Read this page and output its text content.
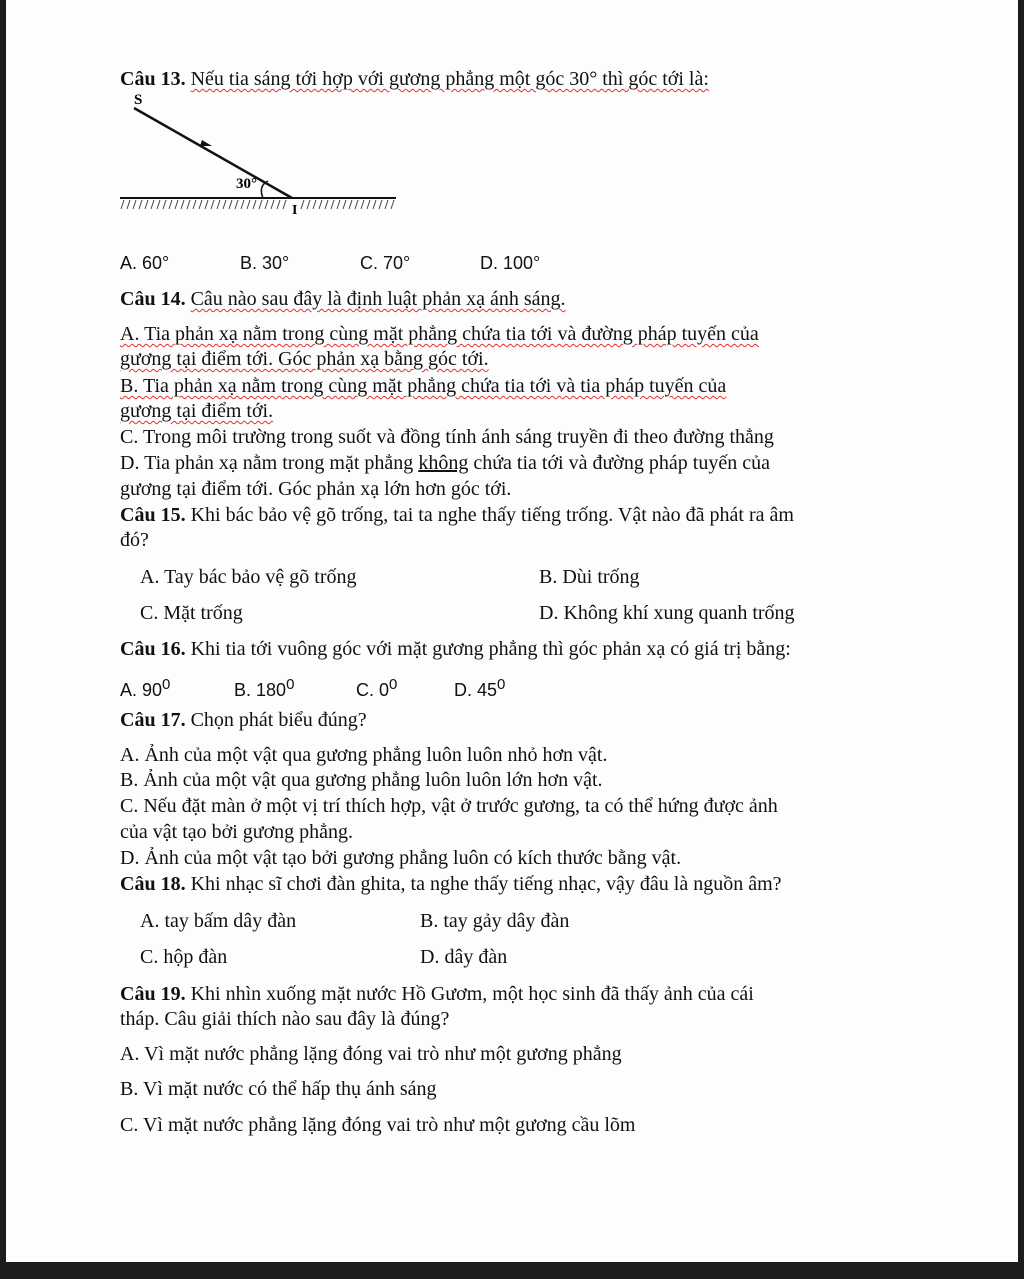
Câu 13. Nếu tia sáng tới hợp với gương phẳng một góc 30° thì góc tới là:
S
30°
I
A. 60°	B. 30°	C. 70°	D. 100°
Câu 14. Câu nào sau đây là định luật phản xạ ánh sáng.
A. Tia phản xạ nằm trong cùng mặt phẳng chứa tia tới và đường pháp tuyến của
gương tại điểm tới. Góc phản xạ bằng góc tới.
B. Tia phản xạ nằm trong cùng mặt phẳng chứa tia tới và tia pháp tuyến của
gương tại điểm tới.
C. Trong môi trường trong suốt và đồng tính ánh sáng truyền đi theo đường thẳng
D. Tia phản xạ nằm trong mặt phẳng không chứa tia tới và đường pháp tuyến của
gương tại điểm tới. Góc phản xạ lớn hơn góc tới.
Câu 15. Khi bác bảo vệ gõ trống, tai ta nghe thấy tiếng trống. Vật nào đã phát ra âm
đó?
A. Tay bác bảo vệ gõ trống	B. Dùi trống
C. Mặt trống	D. Không khí xung quanh trống
Câu 16. Khi tia tới vuông góc với mặt gương phẳng thì góc phản xạ có giá trị bằng:
A. $90^0$	B. $180^0$	C. $0^0$	D. $45^0$
Câu 17. Chọn phát biểu đúng?
A. Ảnh của một vật qua gương phẳng luôn luôn nhỏ hơn vật.
B. Ảnh của một vật qua gương phẳng luôn luôn lớn hơn vật.
C. Nếu đặt màn ở một vị trí thích hợp, vật ở trước gương, ta có thể hứng được ảnh
của vật tạo bởi gương phẳng.
D. Ảnh của một vật tạo bởi gương phẳng luôn có kích thước bằng vật.
Câu 18. Khi nhạc sĩ chơi đàn ghita, ta nghe thấy tiếng nhạc, vậy đâu là nguồn âm?
A. tay bấm dây đàn	B. tay gảy dây đàn
C. hộp đàn	D. dây đàn
Câu 19. Khi nhìn xuống mặt nước Hồ Gươm, một học sinh đã thấy ảnh của cái
tháp. Câu giải thích nào sau đây là đúng?
A. Vì mặt nước phẳng lặng đóng vai trò như một gương phẳng
B. Vì mặt nước có thể hấp thụ ánh sáng
C. Vì mặt nước phẳng lặng đóng vai trò như một gương cầu lõm
